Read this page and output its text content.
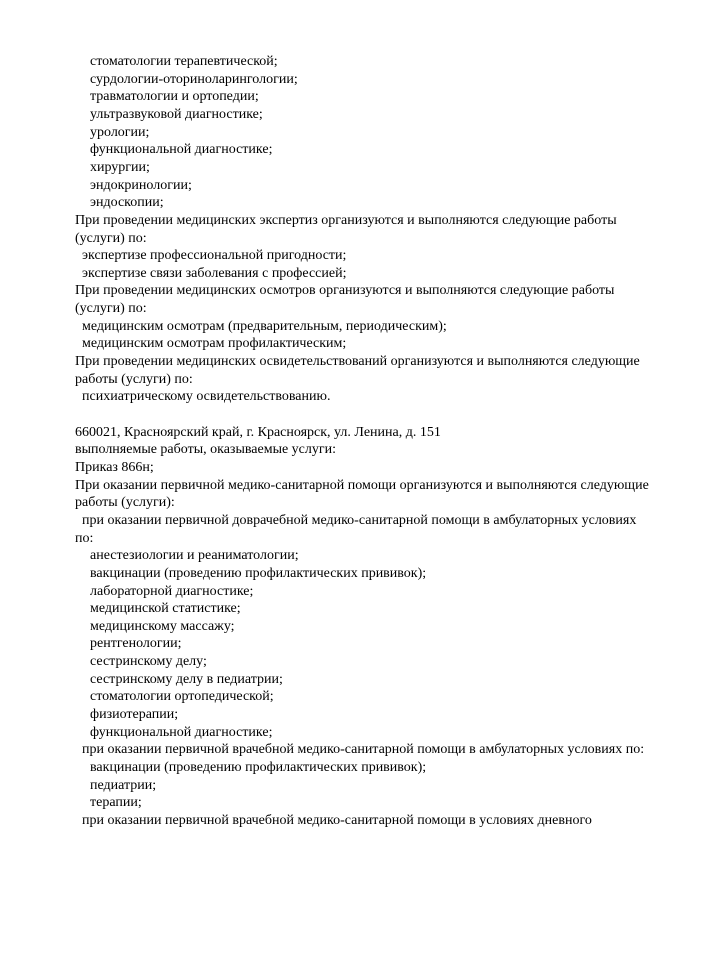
стоматологии терапевтической;
сурдологии-оториноларингологии;
травматологии и ортопедии;
ультразвуковой диагностике;
урологии;
функциональной диагностике;
хирургии;
эндокринологии;
эндоскопии;
При проведении медицинских экспертиз организуются и выполняются следующие работы
(услуги) по:
экспертизе профессиональной пригодности;
экспертизе связи заболевания с профессией;
При проведении медицинских осмотров организуются и выполняются следующие работы
(услуги) по:
медицинским осмотрам (предварительным, периодическим);
медицинским осмотрам профилактическим;
При проведении медицинских освидетельствований организуются и выполняются следующие
работы (услуги) по:
психиатрическому освидетельствованию.
660021, Красноярский край, г. Красноярск, ул. Ленина, д. 151
выполняемые работы, оказываемые услуги:
Приказ 866н;
При оказании первичной медико-санитарной помощи организуются и выполняются следующие
работы (услуги):
при оказании первичной доврачебной медико-санитарной помощи в амбулаторных условиях
по:
анестезиологии и реаниматологии;
вакцинации (проведению профилактических прививок);
лабораторной диагностике;
медицинской статистике;
медицинскому массажу;
рентгенологии;
сестринскому делу;
сестринскому делу в педиатрии;
стоматологии ортопедической;
физиотерапии;
функциональной диагностике;
при оказании первичной врачебной медико-санитарной помощи в амбулаторных условиях по:
вакцинации (проведению профилактических прививок);
педиатрии;
терапии;
при оказании первичной врачебной медико-санитарной помощи в условиях дневного
